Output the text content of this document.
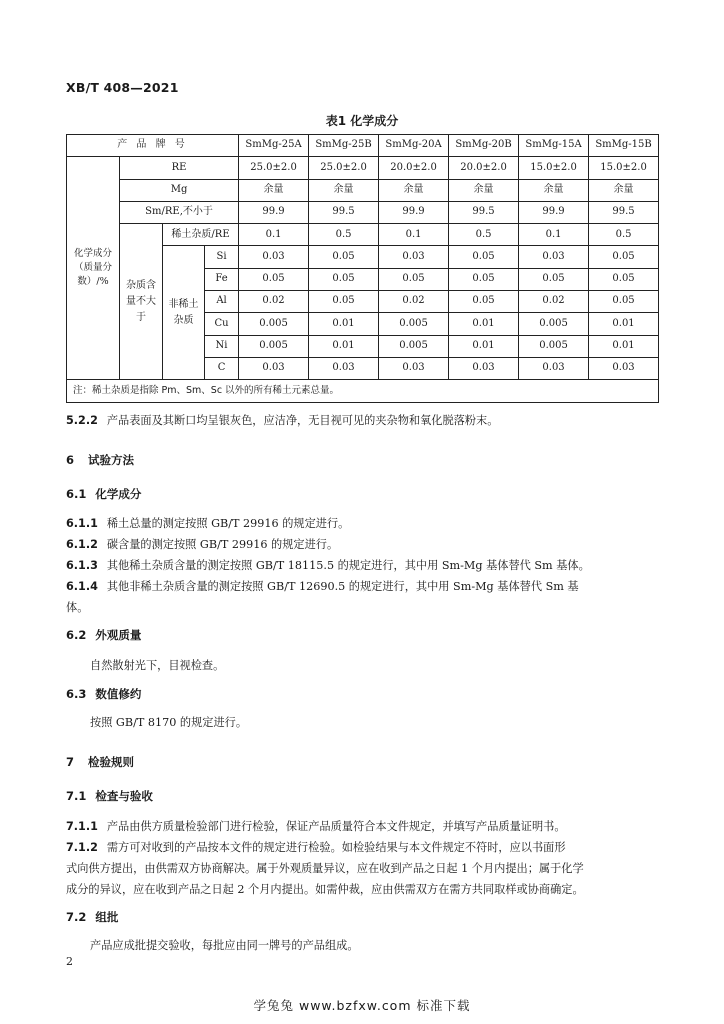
XB/T 408—2021
表1 化学成分
产 品 牌 号				SmMg-25A	SmMg-25B	SmMg-20A	SmMg-20B	SmMg-15A	SmMg-15B
化学成分（质量分数）/%	RE			25.0±2.0	25.0±2.0	20.0±2.0	20.0±2.0	15.0±2.0	15.0±2.0
	Mg			余量	余量	余量	余量	余量	余量
	Sm/RE,不小于			99.9	99.5	99.9	99.5	99.9	99.5
	杂质含量不大于	稀土杂质/RE		0.1	0.5	0.1	0.5	0.1	0.5
		非稀土杂质	Si	0.03	0.05	0.03	0.05	0.03	0.05
			Fe	0.05	0.05	0.05	0.05	0.05	0.05
			Al	0.02	0.05	0.02	0.05	0.02	0.05
			Cu	0.005	0.01	0.005	0.01	0.005	0.01
			Ni	0.005	0.01	0.005	0.01	0.005	0.01
			C	0.03	0.03	0.03	0.03	0.03	0.03
注：稀土杂质是指除 Pm、Sm、Sc 以外的所有稀土元素总量。									
5.2.2 产品表面及其断口均呈银灰色，应洁净，无目视可见的夹杂物和氧化脱落粉末。
6 试验方法
6.1 化学成分
6.1.1 稀土总量的测定按照 GB/T 29916 的规定进行。
6.1.2 碳含量的测定按照 GB/T 29916 的规定进行。
6.1.3 其他稀土杂质含量的测定按照 GB/T 18115.5 的规定进行，其中用 Sm-Mg 基体替代 Sm 基体。
6.1.4 其他非稀土杂质含量的测定按照 GB/T 12690.5 的规定进行，其中用 Sm-Mg 基体替代 Sm 基
体。
6.2 外观质量
自然散射光下，目视检查。
6.3 数值修约
按照 GB/T 8170 的规定进行。
7 检验规则
7.1 检查与验收
7.1.1 产品由供方质量检验部门进行检验，保证产品质量符合本文件规定，并填写产品质量证明书。
7.1.2 需方可对收到的产品按本文件的规定进行检验。如检验结果与本文件规定不符时，应以书面形
式向供方提出，由供需双方协商解决。属于外观质量异议，应在收到产品之日起 1 个月内提出；属于化学
成分的异议，应在收到产品之日起 2 个月内提出。如需仲裁，应由供需双方在需方共同取样或协商确定。
7.2 组批
产品应成批提交验收，每批应由同一牌号的产品组成。
2
学兔兔 www.bzfxw.com 标准下载
